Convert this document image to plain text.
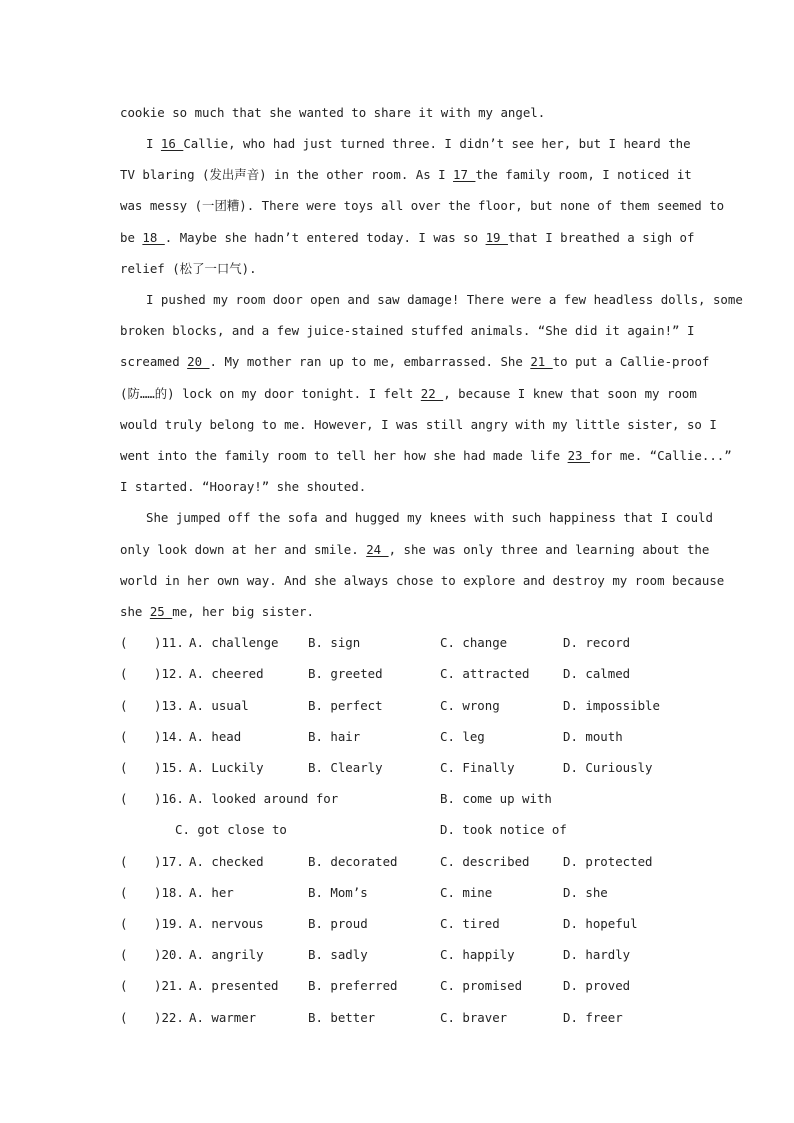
cookie so much that she wanted to share it with my angel.
I 16 Callie, who had just turned three. I didn’t see her, but I heard the
TV blaring (发出声音) in the other room. As I 17 the family room, I noticed it
was messy (一团糟). There were toys all over the floor, but none of them seemed to
be 18 . Maybe she hadn’t entered today. I was so 19 that I breathed a sigh of
relief (松了一口气).
I pushed my room door open and saw damage! There were a few headless dolls, some
broken blocks, and a few juice-stained stuffed animals. “She did it again!” I
screamed 20 . My mother ran up to me, embarrassed. She 21 to put a Callie-proof
(防……的) lock on my door tonight. I felt 22 , because I knew that soon my room
would truly belong to me. However, I was still angry with my little sister, so I
went into the family room to tell her how she had made life 23 for me. “Callie...”
I started. “Hooray!” she shouted.
She jumped off the sofa and hugged my knees with such happiness that I could
only look down at her and smile. 24 , she was only three and learning about the
world in her own way. And she always chose to explore and destroy my room because
she 25 me, her big sister.
( )11. A. challenge B. sign	C. change	D. record
( )12. A. cheered	B. greeted	C. attracted	D. calmed
( )13. A. usual	B. perfect	C. wrong	D. impossible
( )14. A. head	B. hair	C. leg	D. mouth
( )15. A. Luckily	B. Clearly	C. Finally	D. Curiously
( )16. A. looked around for	B. come up with
C. got close to	D. took notice of
( )17. A. checked	B. decorated	C. described	D. protected
( )18. A. her	B. Mom’s	C. mine	D. she
( )19. A. nervous	B. proud	C. tired	D. hopeful
( )20. A. angrily	B. sadly	C. happily	D. hardly
( )21. A. presented B. preferred	C. promised	D. proved
( )22. A. warmer	B. better	C. braver	D. freer
